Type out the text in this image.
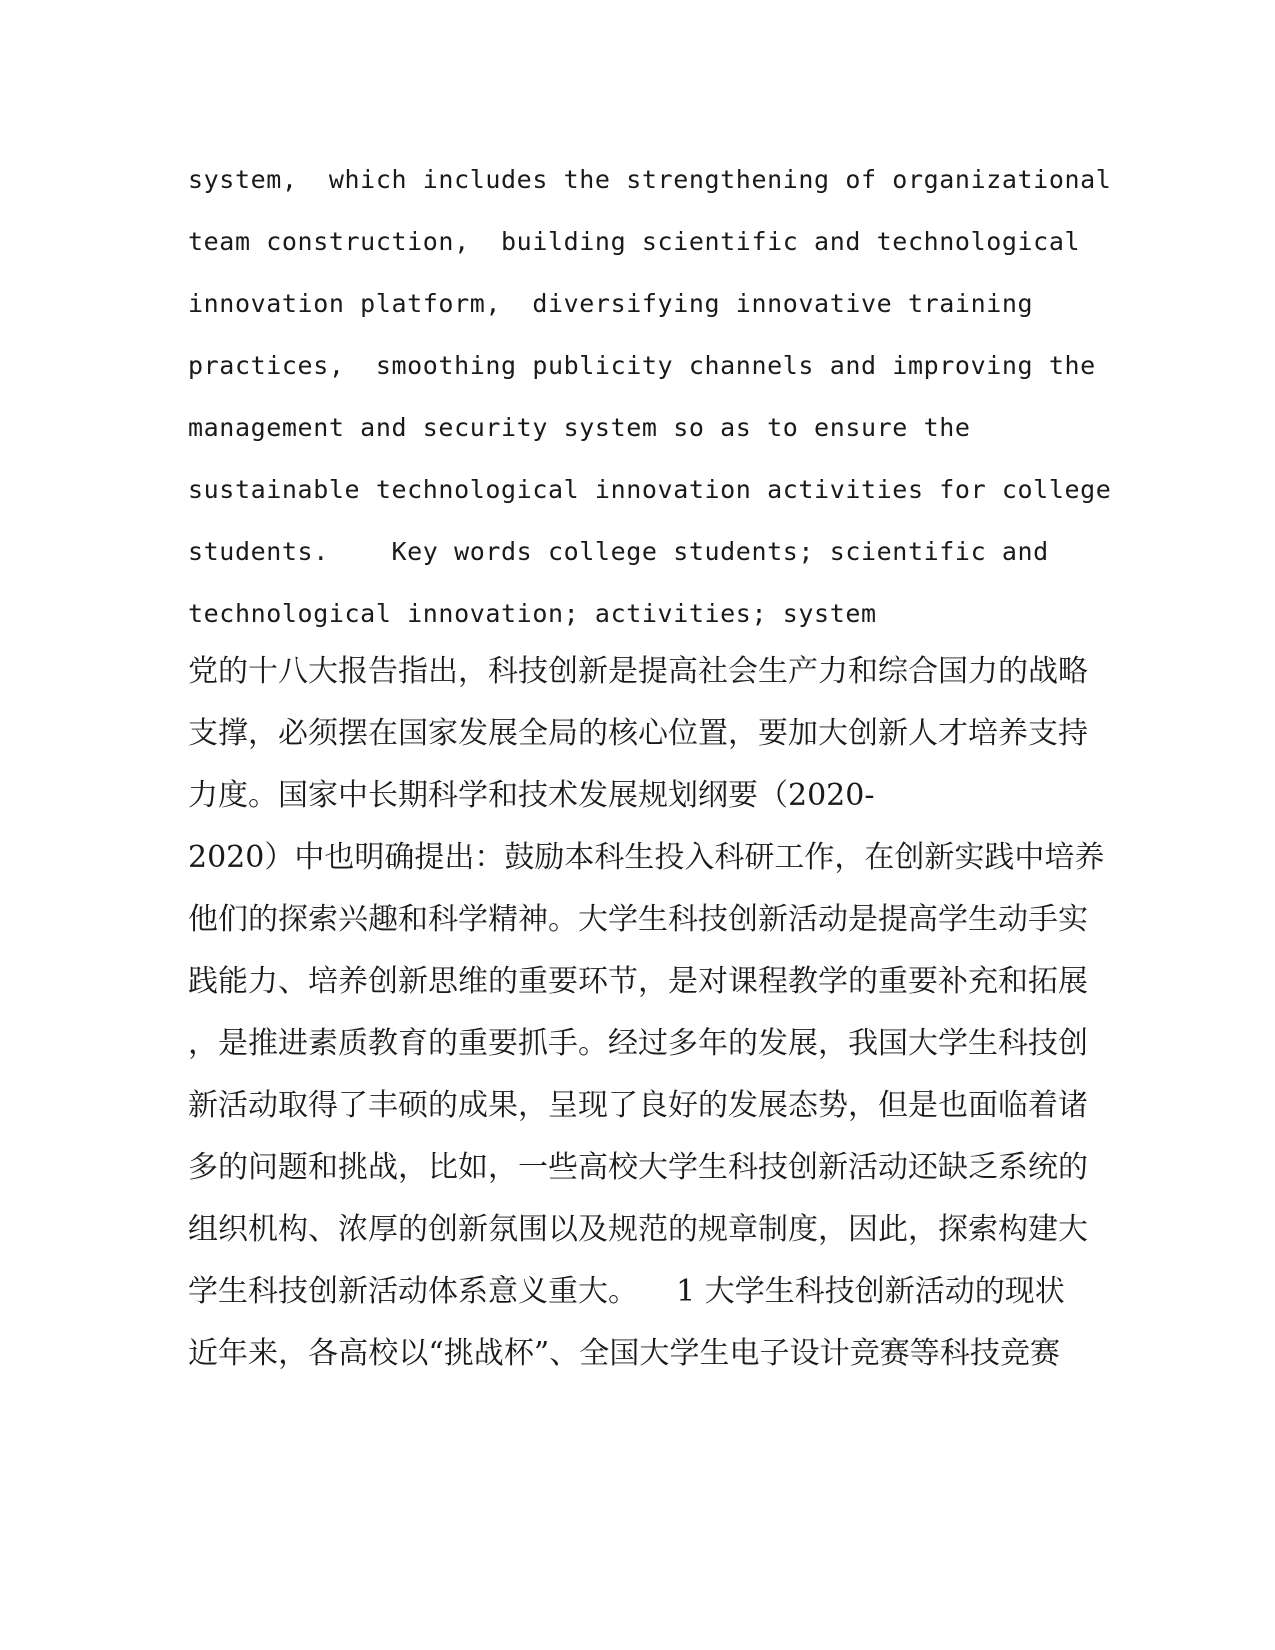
system,  which includes the strengthening of organizational

team construction,  building scientific and technological

innovation platform,  diversifying innovative training

practices,  smoothing publicity channels and improving the

management and security system so as to ensure the

sustainable technological innovation activities for college

students.    Key words college students; scientific and

technological innovation; activities; system

党的十八大报告指出，科技创新是提高社会生产力和综合国力的战略

支撑，必须摆在国家发展全局的核心位置，要加大创新人才培养支持

力度。国家中长期科学和技术发展规划纲要（2020-

2020）中也明确提出：鼓励本科生投入科研工作，在创新实践中培养

他们的探索兴趣和科学精神。大学生科技创新活动是提高学生动手实

践能力、培养创新思维的重要环节，是对课程教学的重要补充和拓展

，是推进素质教育的重要抓手。经过多年的发展，我国大学生科技创

新活动取得了丰硕的成果，呈现了良好的发展态势，但是也面临着诸

多的问题和挑战，比如，一些高校大学生科技创新活动还缺乏系统的

组织机构、浓厚的创新氛围以及规范的规章制度，因此，探索构建大

学生科技创新活动体系意义重大。    1 大学生科技创新活动的现状

近年来，各高校以“挑战杯”、全国大学生电子设计竞赛等科技竞赛
